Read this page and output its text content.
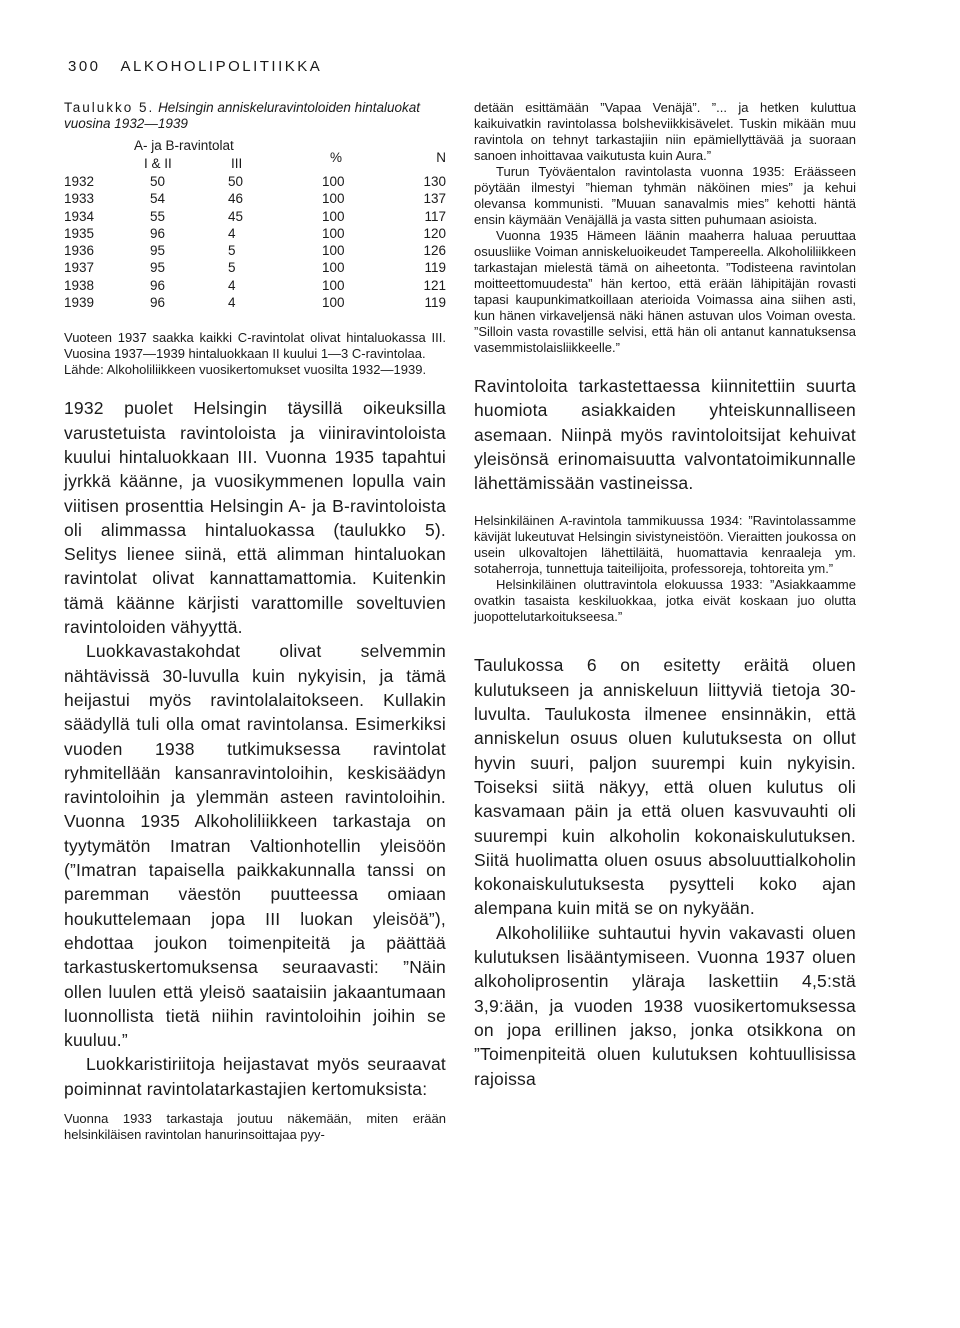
300 ALKOHOLIPOLITIIKKA
Taulukko 5. Helsingin anniskeluravintoloiden hintaluokat vuosina 1932—1939
A- ja B-ravintolat
I & II	III	%	N
1932	50	50	100	130
1933	54	46	100	137
1934	55	45	100	117
1935	96	4	100	120
1936	95	5	100	126
1937	95	5	100	119
1938	96	4	100	121
1939	96	4	100	119

Vuoteen 1937 saakka kaikki C-ravintolat olivat hintaluokassa III. Vuosina 1937—1939 hintaluokkaan II kuului 1—3 C-ravintolaa.

Lähde: Alkoholiliikkeen vuosikertomukset vuosilta 1932—1939.

1932 puolet Helsingin täysillä oikeuksilla varustetuista ravintoloista ja viiniravintoloista kuului hintaluokkaan III. Vuonna 1935 tapahtui jyrkkä käänne, ja vuosikymmenen lopulla vain viitisen prosenttia Helsingin A- ja B-ravintoloista oli alimmassa hintaluokassa (taulukko 5). Selitys lienee siinä, että alimman hintaluokan ravintolat olivat kannattamattomia. Kuitenkin tämä käänne kärjisti varattomille soveltuvien ravintoloiden vähyyttä.

Luokkavastakohdat olivat selvemmin nähtävissä 30-luvulla kuin nykyisin, ja tämä heijastui myös ravintolalaitokseen. Kullakin säädyllä tuli olla omat ravintolansa. Esimerkiksi vuoden 1938 tutkimuksessa ravintolat ryhmitellään kansanravintoloihin, keskisäädyn ravintoloihin ja ylemmän asteen ravintoloihin. Vuonna 1935 Alkoholiliikkeen tarkastaja on tyytymätön Imatran Valtionhotellin yleisöön (”Imatran tapaisella paikkakunnalla tanssi on paremman väestön puutteessa omiaan houkuttelemaan jopa III luokan yleisöä”), ehdottaa joukon toimenpiteitä ja päättää tarkastuskertomuksensa seuraavasti: ”Näin ollen luulen että yleisö saataisiin jakaantumaan luonnollista tietä niihin ravintoloihin joihin se kuuluu.”

Luokkaristiriitoja heijastavat myös seuraavat poiminnat ravintolatarkastajien kertomuksista:

Vuonna 1933 tarkastaja joutuu näkemään, miten erään helsinkiläisen ravintolan hanurinsoittajaa pyy-

detään esittämään ”Vapaa Venäjä”. ”... ja hetken kuluttua kaikuivatkin ravintolassa bolsheviikkisävelet. Tuskin mikään muu ravintola on tehnyt tarkastajiin niin epämiellyttävää ja suoraan sanoen inhoittavaa vaikutusta kuin Aura.”

Turun Työväentalon ravintolasta vuonna 1935: Eräässeen pöytään ilmestyi ”hieman tyhmän näköinen mies” ja kehui olevansa kommunisti. ”Muuan sanavalmis mies” kehotti häntä ensin käymään Venäjällä ja vasta sitten puhumaan asioista.

Vuonna 1935 Hämeen läänin maaherra haluaa peruuttaa osuusliike Voiman anniskeluoikeudet Tampereella. Alkoholiliikkeen tarkastajan mielestä tämä on aiheetonta. ”Todisteena ravintolan moitteettomuudesta” hän kertoo, että erään lähipitäjän rovasti tapasi kaupunkimatkoillaan aterioida Voimassa aina siihen asti, kun hänen virkaveljensä näki hänen astuvan ulos Voiman ovesta. ”Silloin vasta rovastille selvisi, että hän oli antanut kannatuksensa vasemmistolaisliikkeelle.”

Ravintoloita tarkastettaessa kiinnitettiin suurta huomiota asiakkaiden yhteiskunnalliseen asemaan. Niinpä myös ravintoloitsijat kehuivat yleisönsä erinomaisuutta valvontatoimikunnalle lähettämissään vastineissa.

Helsinkiläinen A-ravintola tammikuussa 1934: ”Ravintolassamme kävijät lukeutuvat Helsingin sivistyneistöön. Vieraitten joukossa on usein ulkovaltojen lähettiläitä, huomattavia kenraaleja ym. sotaherroja, tunnettuja taiteilijoita, professoreja, tohtoreita ym.”

Helsinkiläinen oluttravintola elokuussa 1933: ”Asiakkaamme ovatkin tasaista keskiluokkaa, jotka eivät koskaan juo olutta juopottelutarkoitukseesa.”

Taulukossa 6 on esitetty eräitä oluen kulutukseen ja anniskeluun liittyviä tietoja 30-luvulta. Taulukosta ilmenee ensinnäkin, että anniskelun osuus oluen kulutuksesta on ollut hyvin suuri, paljon suurempi kuin nykyisin. Toiseksi siitä näkyy, että oluen kulutus oli kasvamaan päin ja että oluen kasvuvauhti oli suurempi kuin alkoholin kokonaiskulutuksen. Siitä huolimatta oluen osuus absoluuttialkoholin kokonaiskulutuksesta pysytteli koko ajan alempana kuin mitä se on nykyään.

Alkoholiliike suhtautui hyvin vakavasti oluen kulutuksen lisääntymiseen. Vuonna 1937 oluen alkoholiprosentin yläraja laskettiin 4,5:stä 3,9:ään, ja vuoden 1938 vuosikertomuksessa on jopa erillinen jakso, jonka otsikkona on ”Toimenpiteitä oluen kulutuksen kohtuullisissa rajoissa
